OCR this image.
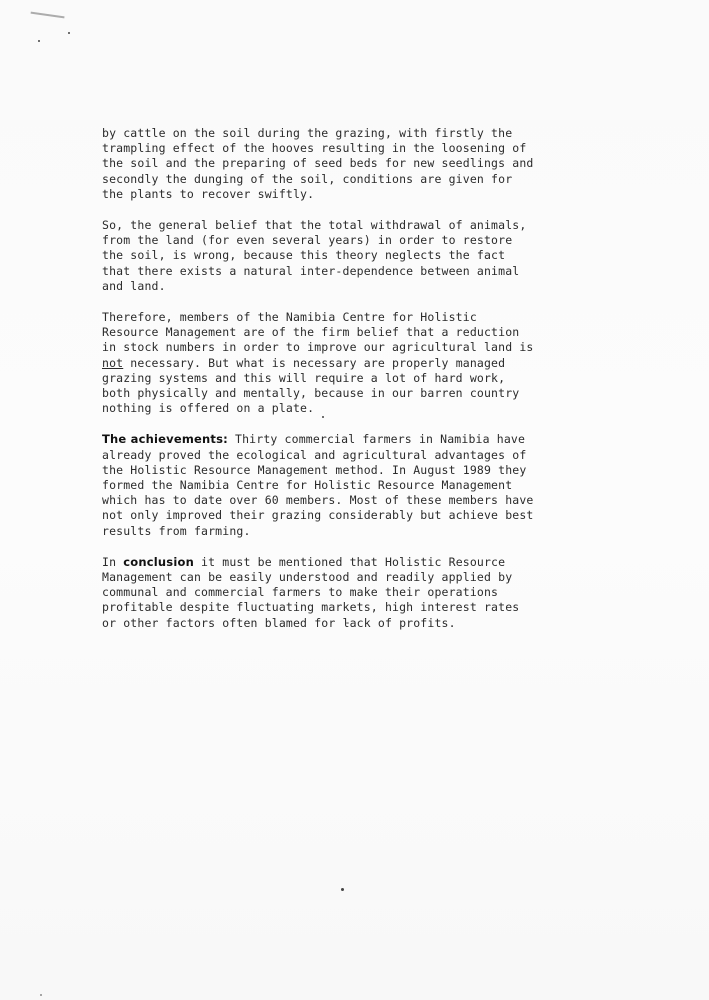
by cattle on the soil during the grazing, with firstly the
trampling effect of the hooves resulting in the loosening of
the soil and the preparing of seed beds for new seedlings and
secondly the dunging of the soil, conditions are given for
the plants to recover swiftly.
So, the general belief that the total withdrawal of animals,
from the land (for even several years) in order to restore
the soil, is wrong, because this theory neglects the fact
that there exists a natural inter-dependence between animal
and land.
Therefore, members of the Namibia Centre for Holistic
Resource Management are of the firm belief that a reduction
in stock numbers in order to improve our agricultural land is
not necessary. But what is necessary are properly managed
grazing systems and this will require a lot of hard work,
both physically and mentally, because in our barren country
nothing is offered on a plate.
The achievements: Thirty commercial farmers in Namibia have
already proved the ecological and agricultural advantages of
the Holistic Resource Management method. In August 1989 they
formed the Namibia Centre for Holistic Resource Management
which has to date over 60 members. Most of these members have
not only improved their grazing considerably but achieve best
results from farming.
In conclusion it must be mentioned that Holistic Resource
Management can be easily understood and readily applied by
communal and commercial farmers to make their operations
profitable despite fluctuating markets, high interest rates
or other factors often blamed for lack of profits.
